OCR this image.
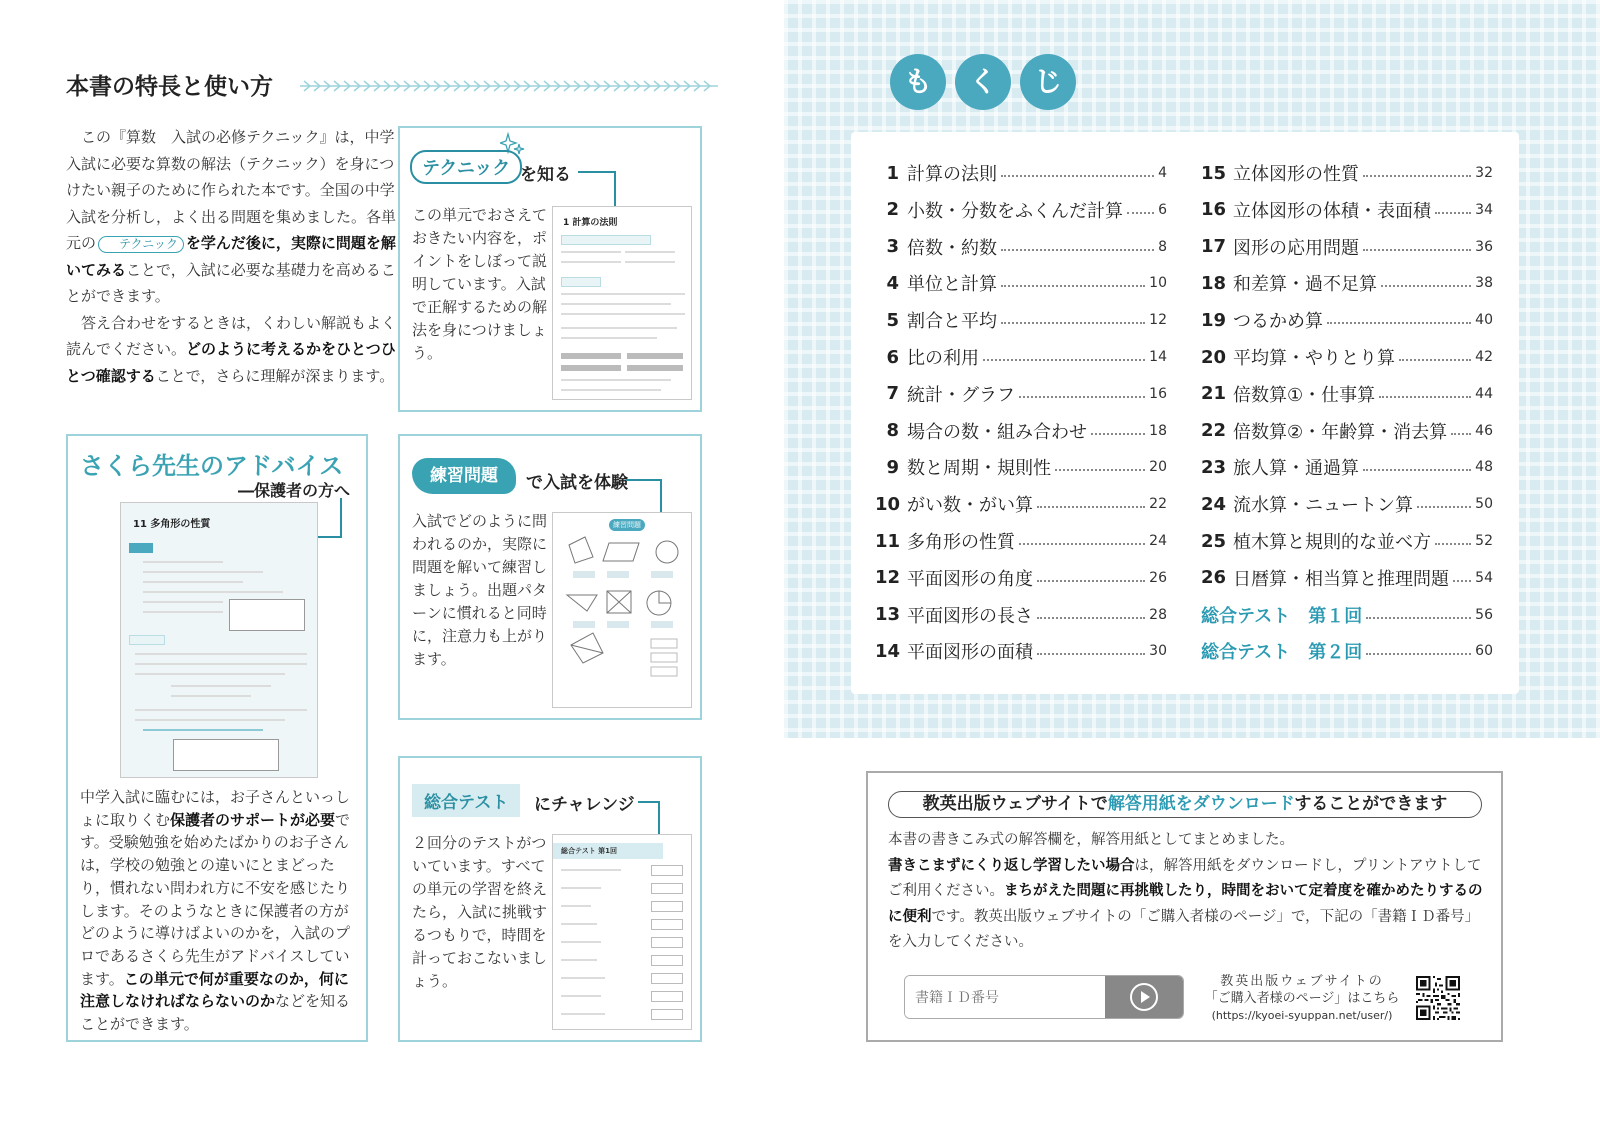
本書の特長と使い方

この『算数　入試の必修テクニック』は，中学入試に必要な算数の解法（テクニック）を身につけたい親子のために作られた本です。全国の中学入試を分析し，よく出る問題を集めました。各単元の テクニック を学んだ後に，実際に問題を解いてみることで，入試に必要な基礎力を高めることができます。

答え合わせをするときは，くわしい解説もよく読んでください。どのように考えるかをひとつひとつ確認することで，さらに理解が深まります。

テクニック を知る
この単元でおさえておきたい内容を，ポイントをしぼって説明しています。入試で正解するための解法を身につけましょう。
1 計算の法則
さくら先生のアドバイス
―保護者の方へ
11 多角形の性質
中学入試に臨むには，お子さんといっしょに取りくむ保護者のサポートが必要です。受験勉強を始めたばかりのお子さんは，学校の勉強との違いにとまどったり，慣れない問われ方に不安を感じたりします。そのようなときに保護者の方がどのように導けばよいのかを，入試のプロであるさくら先生がアドバイスしています。この単元で何が重要なのか，何に注意しなければならないのかなどを知ることができます。
練習問題	で入試を体験
入試でどのように問われるのか，実際に問題を解いて練習しましょう。出題パターンに慣れると同時に，注意力も上がります。
練習問題
総合テスト	にチャレンジ
２回分のテストがついています。すべての単元の学習を終えたら，入試に挑戦するつもりで，時間を計っておこないましょう。
総合テスト 第1回
も	く	じ
1 計算の法則	4
2 小数・分数をふくんだ計算	6
3 倍数・約数	8
4 単位と計算	10
5 割合と平均	12
6 比の利用	14
7 統計・グラフ	16
8 場合の数・組み合わせ	18
9 数と周期・規則性	20
10 がい数・がい算	22
11 多角形の性質	24
12 平面図形の角度	26
13 平面図形の長さ	28
14 平面図形の面積	30
15 立体図形の性質	32
16 立体図形の体積・表面積	34
17 図形の応用問題	36
18 和差算・過不足算	38
19 つるかめ算	40
20 平均算・やりとり算	42
21 倍数算①・仕事算	44
22 倍数算②・年齢算・消去算 46
23 旅人算・通過算	48
24 流水算・ニュートン算	50
25 植木算と規則的な並べ方	52
26 日暦算・相当算と推理問題 54
総合テスト　第１回	56
総合テスト　第２回	60
教英出版ウェブサイトで解答用紙をダウンロードすることができます
本書の書きこみ式の解答欄を，解答用紙としてまとめました。
書きこまずにくり返し学習したい場合は，解答用紙をダウンロードし，プリントアウトしてご利用ください。まちがえた問題に再挑戦したり，時間をおいて定着度を確かめたりするのに便利です。教英出版ウェブサイトの「ご購入者様のページ」で，下記の「書籍ＩＤ番号」を入力してください。
書籍ＩＤ番号
教英出版ウェブサイトの
「ご購入者様のページ」はこちら
(https://kyoei-syuppan.net/user/)
